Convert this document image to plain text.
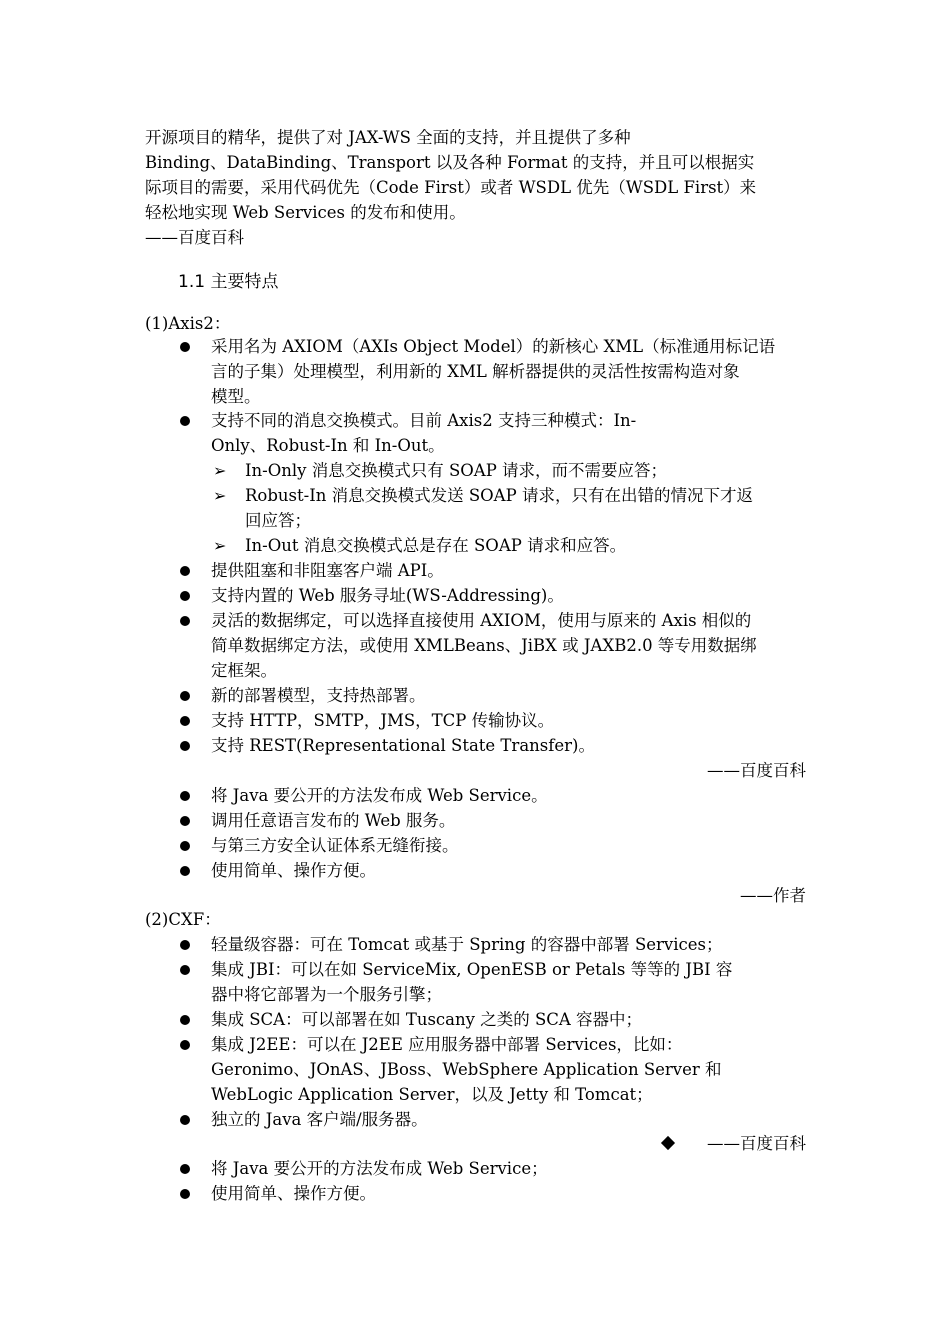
开源项目的精华，提供了对 JAX-WS 全面的支持，并且提供了多种
Binding、DataBinding、Transport 以及各种 Format 的支持，并且可以根据实
际项目的需要，采用代码优先（Code First）或者 WSDL 优先（WSDL First）来
轻松地实现 Web Services 的发布和使用。
——百度百科
1.1 主要特点
(1)Axis2：
采用名为 AXIOM（AXIs Object Model）的新核心 XML（标准通用标记语
言的子集）处理模型，利用新的 XML 解析器提供的灵活性按需构造对象
模型。
支持不同的消息交换模式。目前 Axis2 支持三种模式：In-
Only、Robust-In 和 In-Out。
➢ In-Only 消息交换模式只有 SOAP 请求，而不需要应答；
➢ Robust-In 消息交换模式发送 SOAP 请求，只有在出错的情况下才返
回应答；
➢ In-Out 消息交换模式总是存在 SOAP 请求和应答。
提供阻塞和非阻塞客户端 API。
支持内置的 Web 服务寻址(WS-Addressing)。
灵活的数据绑定，可以选择直接使用 AXIOM，使用与原来的 Axis 相似的
简单数据绑定方法，或使用 XMLBeans、JiBX 或 JAXB2.0 等专用数据绑
定框架。
新的部署模型，支持热部署。
支持 HTTP，SMTP，JMS，TCP 传输协议。
支持 REST(Representational State Transfer)。
——百度百科
将 Java 要公开的方法发布成 Web Service。
调用任意语言发布的 Web 服务。
与第三方安全认证体系无缝衔接。
使用简单、操作方便。
——作者
(2)CXF：
轻量级容器：可在 Tomcat 或基于 Spring 的容器中部署 Services；
集成 JBI：可以在如 ServiceMix, OpenESB or Petals 等等的 JBI 容
器中将它部署为一个服务引擎；
集成 SCA：可以部署在如 Tuscany 之类的 SCA 容器中；
集成 J2EE：可以在 J2EE 应用服务器中部署 Services，比如：
Geronimo、JOnAS、JBoss、WebSphere Application Server 和
WebLogic Application Server，以及 Jetty 和 Tomcat；
独立的 Java 客户端/服务器。
——百度百科
将 Java 要公开的方法发布成 Web Service；
使用简单、操作方便。
